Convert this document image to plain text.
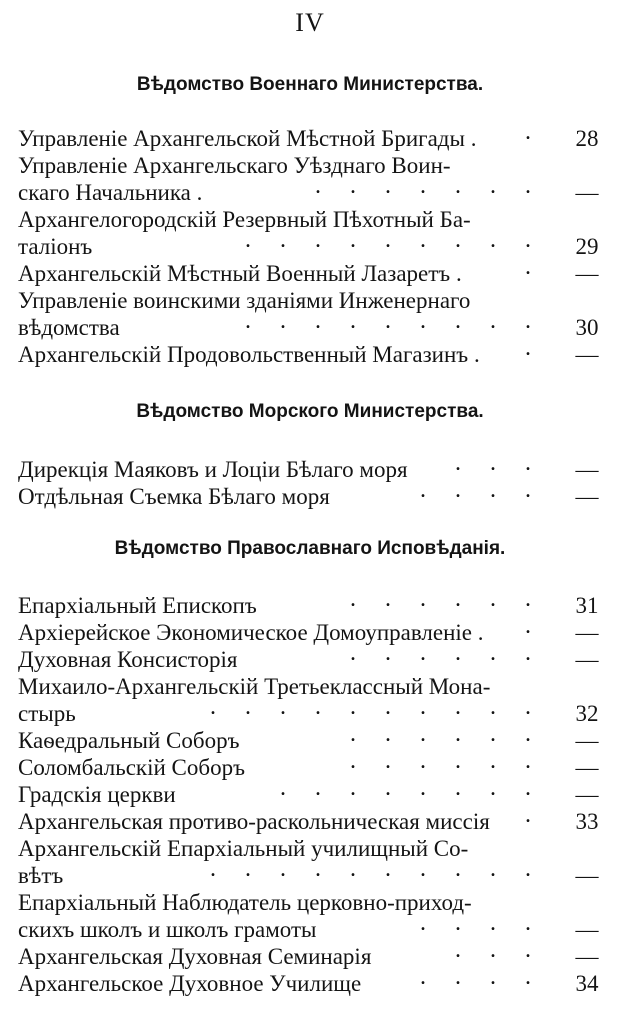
IV
Вѣдомство Военнаго Министерства.
Управленіе Архангельской Мѣстной Бригады .	28
.
Управленіе Архангельскаго Уѣзднаго Воин-
скаго Начальника .	—
.......
Архангелогородскій Резервный Пѣхотный Ба-
таліонъ	29
.........
Архангельскій Мѣстный Военный Лазаретъ .	—
.
Управленіе воинскими зданіями Инженернаго
вѣдомства	30
.........
Архангельскій Продовольственный Магазинъ .	—
.
Вѣдомство Морского Министерства.
Дирекція Маяковъ и Лоціи Бѣлаго моря	—
...
Отдѣльная Съемка Бѣлаго моря	—
....
Вѣдомство Православнаго Исповѣданія.
Епархіальный Епископъ	31
......
Архіерейское Экономическое Домоуправленіе .	—
.
Духовная Консисторія	—
......
Михаило-Архангельскій Третьеклассный Мона-
стырь	32
..........
Каѳедральный Соборъ	—
......
Соломбальскій Соборъ	—
......
Градскія церкви	—
........
Архангельская противо-раскольническая миссія	33
.
Архангельскій Епархіальный училищный Со-
вѣтъ	—
..........
Епархіальный Наблюдатель церковно-приход-
скихъ школъ и школъ грамоты	—
....
Архангельская Духовная Семинарія	—
...
Архангельское Духовное Училище	34
....
